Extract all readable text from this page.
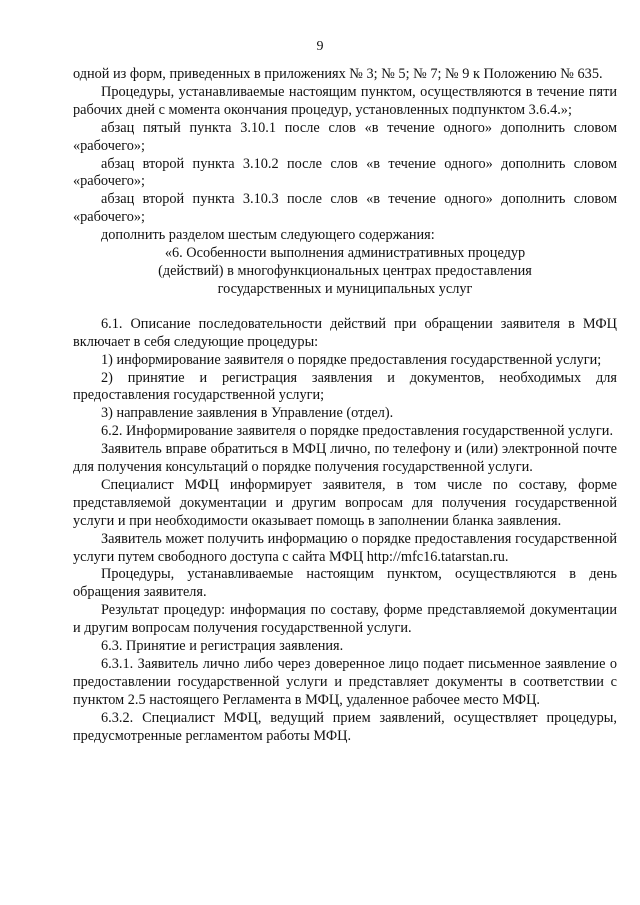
9

одной из форм, приведенных в приложениях № 3; № 5; № 7; № 9 к Положению № 635.

Процедуры, устанавливаемые настоящим пунктом, осуществляются в течение пяти рабочих дней с момента окончания процедур, установленных подпунктом 3.6.4.»;

абзац пятый пункта 3.10.1 после слов «в течение одного» дополнить словом «рабочего»;

абзац второй пункта 3.10.2 после слов «в течение одного» дополнить словом «рабочего»;

абзац второй пункта 3.10.3 после слов «в течение одного» дополнить словом «рабочего»;

дополнить разделом шестым следующего содержания:

«6. Особенности выполнения административных процедур

(действий) в многофункциональных центрах предоставления

государственных и муниципальных услуг

6.1. Описание последовательности действий при обращении заявителя в МФЦ включает в себя следующие процедуры:

1) информирование заявителя о порядке предоставления государственной услуги;

2) принятие и регистрация заявления и документов, необходимых для предоставления государственной услуги;

3) направление заявления в Управление (отдел).

6.2. Информирование заявителя о порядке предоставления государственной услуги.

Заявитель вправе обратиться в МФЦ лично, по телефону и (или) электронной почте для получения консультаций о порядке получения государственной услуги.

Специалист МФЦ информирует заявителя, в том числе по составу, форме представляемой документации и другим вопросам для получения государственной услуги и при необходимости оказывает помощь в заполнении бланка заявления.

Заявитель может получить информацию о порядке предоставления государственной услуги путем свободного доступа с сайта МФЦ http://mfc16.tatarstan.ru.

Процедуры, устанавливаемые настоящим пунктом, осуществляются в день обращения заявителя.

Результат процедур: информация по составу, форме представляемой документации и другим вопросам получения государственной услуги.

6.3. Принятие и регистрация заявления.

6.3.1. Заявитель лично либо через доверенное лицо подает письменное заявление о предоставлении государственной услуги и представляет документы в соответствии с пунктом 2.5 настоящего Регламента в МФЦ, удаленное рабочее место МФЦ.

6.3.2. Специалист МФЦ, ведущий прием заявлений, осуществляет процедуры, предусмотренные регламентом работы МФЦ.
